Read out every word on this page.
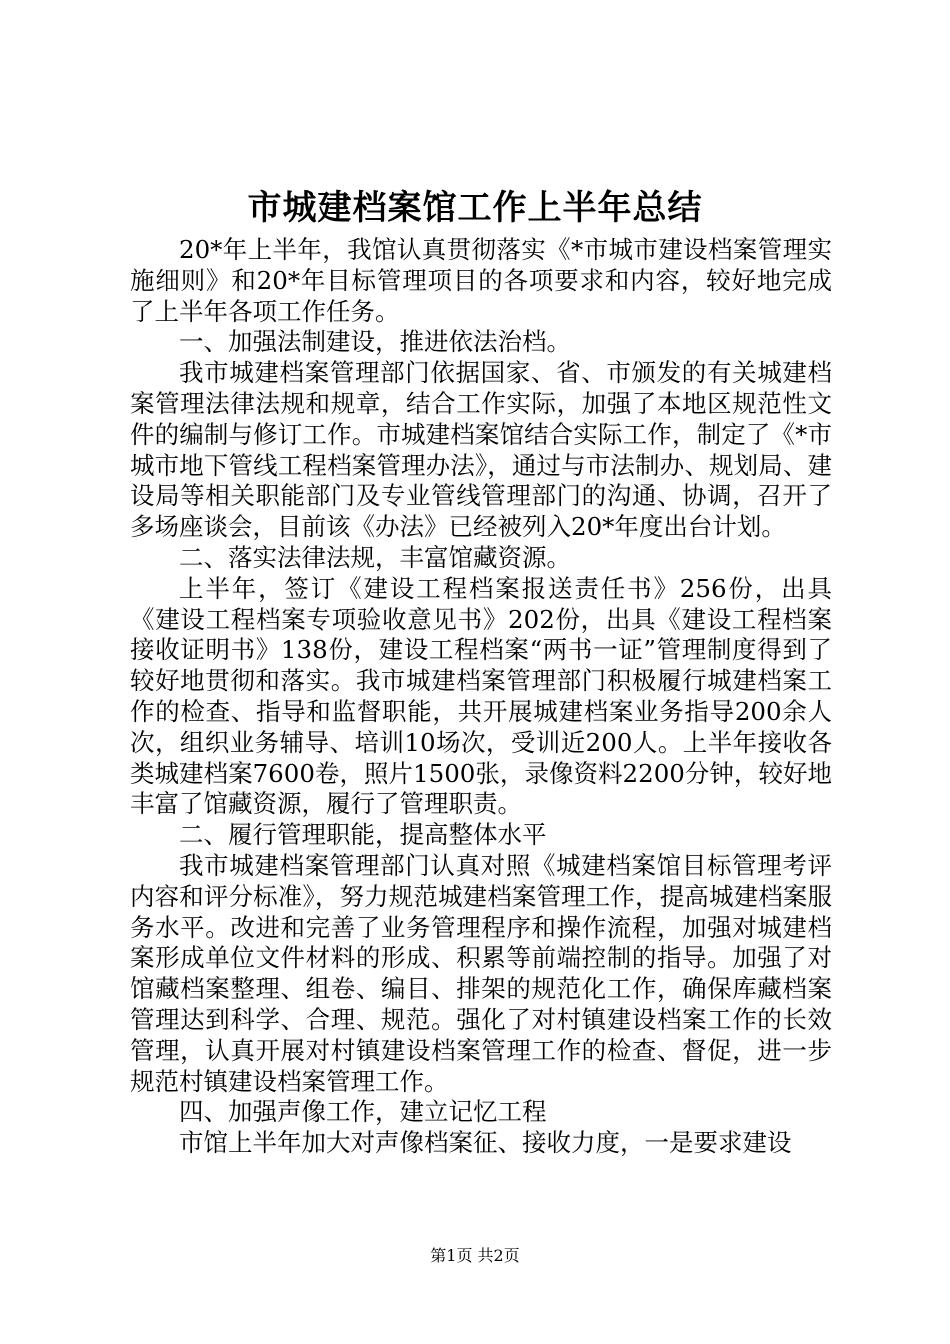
市城建档案馆工作上半年总结

20*年上半年，我馆认真贯彻落实《*市城市建设档案管理实施细则》和20*年目标管理项目的各项要求和内容，较好地完成了上半年各项工作任务。

一、加强法制建设，推进依法治档。

我市城建档案管理部门依据国家、省、市颁发的有关城建档案管理法律法规和规章，结合工作实际，加强了本地区规范性文件的编制与修订工作。市城建档案馆结合实际工作，制定了《*市城市地下管线工程档案管理办法》，通过与市法制办、规划局、建设局等相关职能部门及专业管线管理部门的沟通、协调，召开了多场座谈会，目前该《办法》已经被列入20*年度出台计划。

二、落实法律法规，丰富馆藏资源。

上半年，签订《建设工程档案报送责任书》256份，出具《建设工程档案专项验收意见书》202份，出具《建设工程档案接收证明书》138份，建设工程档案“两书一证”管理制度得到了较好地贯彻和落实。我市城建档案管理部门积极履行城建档案工作的检查、指导和监督职能，共开展城建档案业务指导200余人次，组织业务辅导、培训10场次，受训近200人。上半年接收各类城建档案7600卷，照片1500张，录像资料2200分钟，较好地丰富了馆藏资源，履行了管理职责。

二、履行管理职能，提高整体水平

我市城建档案管理部门认真对照《城建档案馆目标管理考评内容和评分标准》，努力规范城建档案管理工作，提高城建档案服务水平。改进和完善了业务管理程序和操作流程，加强对城建档案形成单位文件材料的形成、积累等前端控制的指导。加强了对馆藏档案整理、组卷、编目、排架的规范化工作，确保库藏档案管理达到科学、合理、规范。强化了对村镇建设档案工作的长效管理，认真开展对村镇建设档案管理工作的检查、督促，进一步规范村镇建设档案管理工作。

四、加强声像工作，建立记忆工程

市馆上半年加大对声像档案征、接收力度，一是要求建设

第1页 共2页
